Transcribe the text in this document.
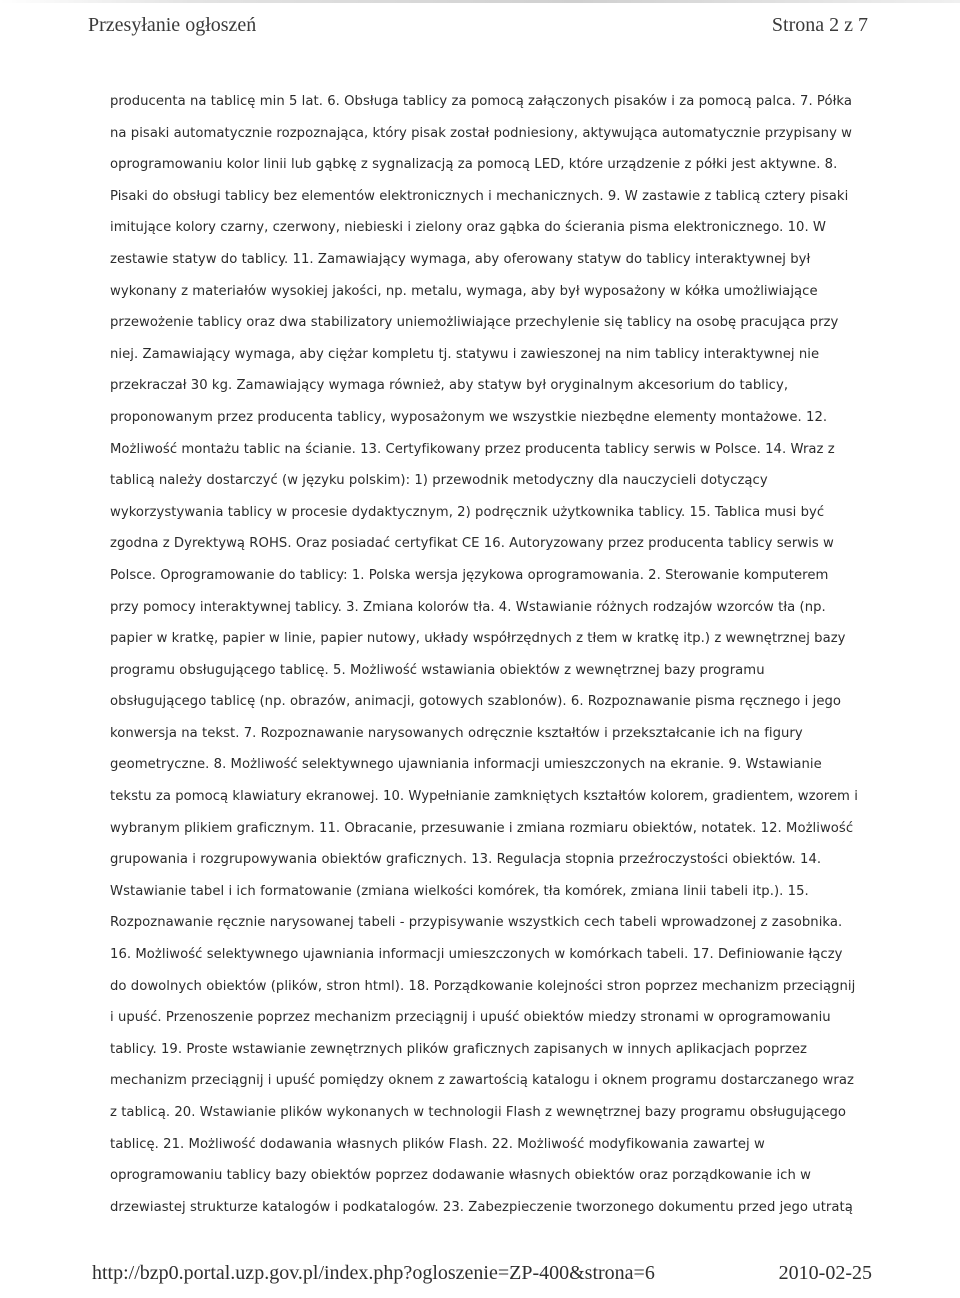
Przesyłanie ogłoszeń	Strona 2 z 7
producenta na tablicę min 5 lat. 6. Obsługa tablicy za pomocą załączonych pisaków i za pomocą palca. 7. Półka
na pisaki automatycznie rozpoznająca, który pisak został podniesiony, aktywująca automatycznie przypisany w
oprogramowaniu kolor linii lub gąbkę z sygnalizacją za pomocą LED, które urządzenie z półki jest aktywne. 8.
Pisaki do obsługi tablicy bez elementów elektronicznych i mechanicznych. 9. W zastawie z tablicą cztery pisaki
imitujące kolory czarny, czerwony, niebieski i zielony oraz gąbka do ścierania pisma elektronicznego. 10. W
zestawie statyw do tablicy. 11. Zamawiający wymaga, aby oferowany statyw do tablicy interaktywnej był
wykonany z materiałów wysokiej jakości, np. metalu, wymaga, aby był wyposażony w kółka umożliwiające
przewożenie tablicy oraz dwa stabilizatory uniemożliwiające przechylenie się tablicy na osobę pracująca przy
niej. Zamawiający wymaga, aby ciężar kompletu tj. statywu i zawieszonej na nim tablicy interaktywnej nie
przekraczał 30 kg. Zamawiający wymaga również, aby statyw był oryginalnym akcesorium do tablicy,
proponowanym przez producenta tablicy, wyposażonym we wszystkie niezbędne elementy montażowe. 12.
Możliwość montażu tablic na ścianie. 13. Certyfikowany przez producenta tablicy serwis w Polsce. 14. Wraz z
tablicą należy dostarczyć (w języku polskim): 1) przewodnik metodyczny dla nauczycieli dotyczący
wykorzystywania tablicy w procesie dydaktycznym, 2) podręcznik użytkownika tablicy. 15. Tablica musi być
zgodna z Dyrektywą ROHS. Oraz posiadać certyfikat CE 16. Autoryzowany przez producenta tablicy serwis w
Polsce. Oprogramowanie do tablicy: 1. Polska wersja językowa oprogramowania. 2. Sterowanie komputerem
przy pomocy interaktywnej tablicy. 3. Zmiana kolorów tła. 4. Wstawianie różnych rodzajów wzorców tła (np.
papier w kratkę, papier w linie, papier nutowy, układy współrzędnych z tłem w kratkę itp.) z wewnętrznej bazy
programu obsługującego tablicę. 5. Możliwość wstawiania obiektów z wewnętrznej bazy programu
obsługującego tablicę (np. obrazów, animacji, gotowych szablonów). 6. Rozpoznawanie pisma ręcznego i jego
konwersja na tekst. 7. Rozpoznawanie narysowanych odręcznie kształtów i przekształcanie ich na figury
geometryczne. 8. Możliwość selektywnego ujawniania informacji umieszczonych na ekranie. 9. Wstawianie
tekstu za pomocą klawiatury ekranowej. 10. Wypełnianie zamkniętych kształtów kolorem, gradientem, wzorem i
wybranym plikiem graficznym. 11. Obracanie, przesuwanie i zmiana rozmiaru obiektów, notatek. 12. Możliwość
grupowania i rozgrupowywania obiektów graficznych. 13. Regulacja stopnia przeźroczystości obiektów. 14.
Wstawianie tabel i ich formatowanie (zmiana wielkości komórek, tła komórek, zmiana linii tabeli itp.). 15.
Rozpoznawanie ręcznie narysowanej tabeli - przypisywanie wszystkich cech tabeli wprowadzonej z zasobnika.
16. Możliwość selektywnego ujawniania informacji umieszczonych w komórkach tabeli. 17. Definiowanie łączy
do dowolnych obiektów (plików, stron html). 18. Porządkowanie kolejności stron poprzez mechanizm przeciągnij
i upuść. Przenoszenie poprzez mechanizm przeciągnij i upuść obiektów miedzy stronami w oprogramowaniu
tablicy. 19. Proste wstawianie zewnętrznych plików graficznych zapisanych w innych aplikacjach poprzez
mechanizm przeciągnij i upuść pomiędzy oknem z zawartością katalogu i oknem programu dostarczanego wraz
z tablicą. 20. Wstawianie plików wykonanych w technologii Flash z wewnętrznej bazy programu obsługującego
tablicę. 21. Możliwość dodawania własnych plików Flash. 22. Możliwość modyfikowania zawartej w
oprogramowaniu tablicy bazy obiektów poprzez dodawanie własnych obiektów oraz porządkowanie ich w
drzewiastej strukturze katalogów i podkatalogów. 23. Zabezpieczenie tworzonego dokumentu przed jego utratą
http://bzp0.portal.uzp.gov.pl/index.php?ogloszenie=ZP-400&strona=6	2010-02-25
